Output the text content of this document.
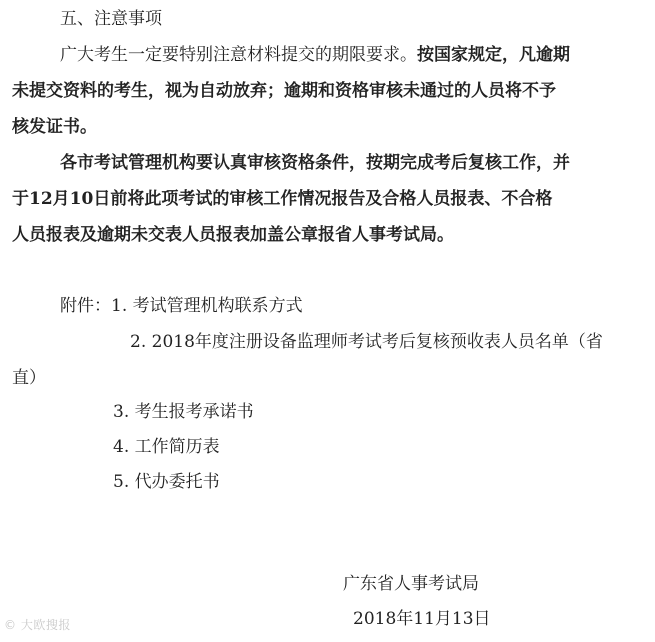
五、注意事项
广大考生一定要特别注意材料提交的期限要求。按国家规定，凡逾期
未提交资料的考生，视为自动放弃；逾期和资格审核未通过的人员将不予
核发证书。
各市考试管理机构要认真审核资格条件，按期完成考后复核工作，并
于12月10日前将此项考试的审核工作情况报告及合格人员报表、不合格
人员报表及逾期未交表人员报表加盖公章报省人事考试局。
附件：1. 考试管理机构联系方式
2. 2018年度注册设备监理师考试考后复核预收表人员名单（省
直）
3. 考生报考承诺书
4. 工作简历表
5. 代办委托书
广东省人事考试局
2018年11月13日
© 大欧搜报
